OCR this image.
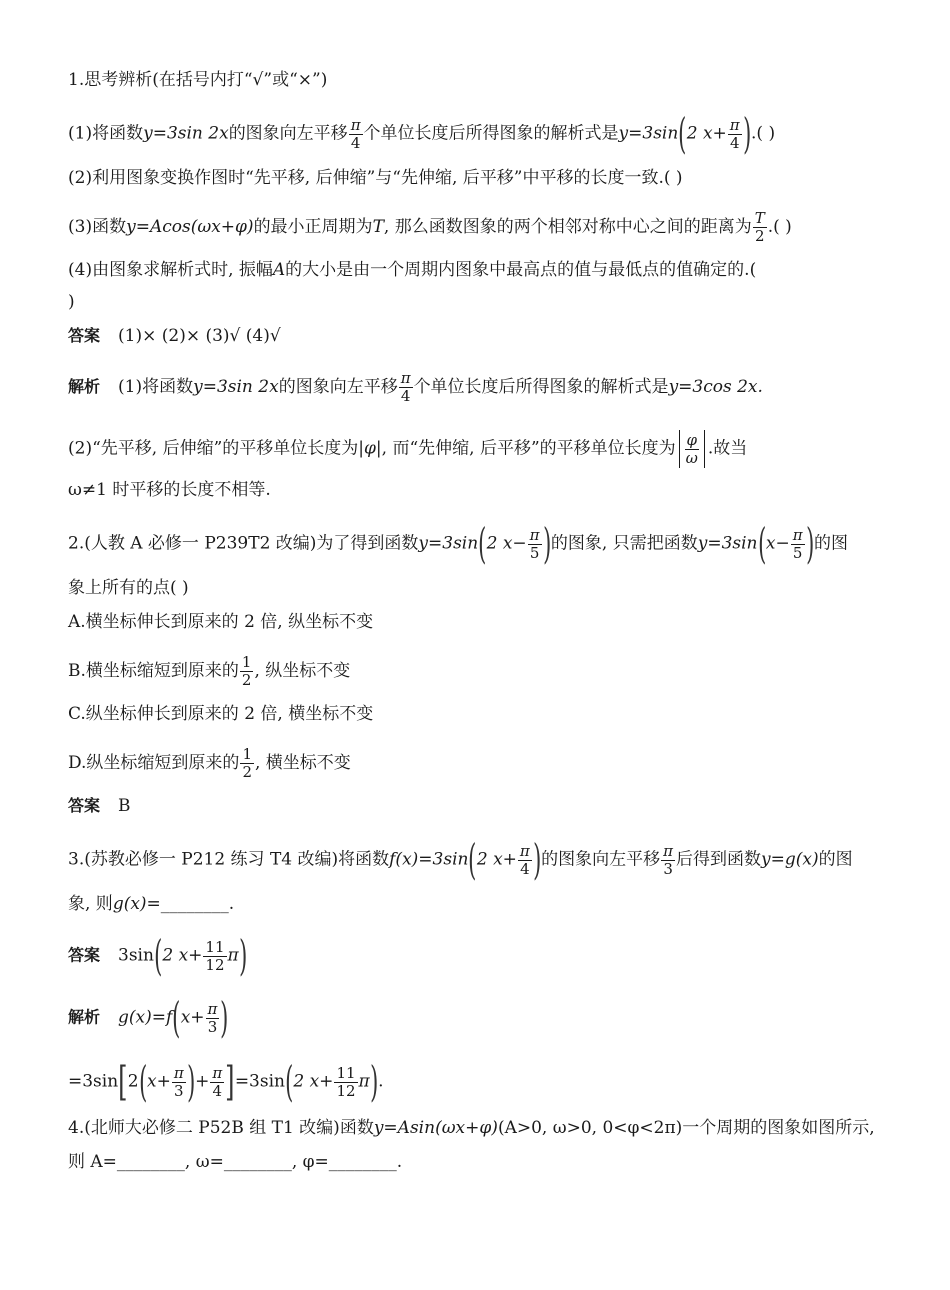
1.思考辨析(在括号内打“√”或“×”)
(1)将函数y=3sin 2x的图象向左平移 $\frac{\pi}{4}$ 个单位长度后所得图象的解析式是y=3sin(2 $x+ \frac{\pi}{4}$ ).( )
(2)利用图象变换作图时“先平移, 后伸缩”与“先伸缩, 后平移”中平移的长度一致.( )
(3)函数y=Acos(ωx+φ)的最小正周期为T, 那么函数图象的两个相邻对称中心之间的距离为 $\frac{T}{2}$ .( )
(4)由图象求解析式时, 振幅A的大小是由一个周期内图象中最高点的值与最低点的值确定的.(
)
答案 (1)× (2)× (3)√ (4)√
解析 (1)将函数y=3sin 2x的图象向左平移 $\frac{\pi}{4}$ 个单位长度后所得图象的解析式是y=3cos 2x.
(2)“先平移, 后伸缩”的平移单位长度为|φ|, 而“先伸缩, 后平移”的平移单位长度为 $\frac{\varphi}{\omega}$ .故当
ω≠1 时平移的长度不相等.
2.(人教 A 必修一 P239T2 改编)为了得到函数y=3sin(2 $x- \frac{\pi}{5}$ )的图象, 只需把函数$y=3\sin(x- \frac{\pi}{5}$ )的图
象上所有的点( )
A.横坐标伸长到原来的 2 倍, 纵坐标不变
B.横坐标缩短到原来的 $\frac{1}{2}$ , 纵坐标不变
C.纵坐标伸长到原来的 2 倍, 横坐标不变
D.纵坐标缩短到原来的 $\frac{1}{2}$ , 横坐标不变
答案 B
3.(苏教必修一 P212 练习 T4 改编)将函数f(x)=3sin(2 $x+ \frac{\pi}{4}$ )的图象向左平移 $\frac{\pi}{3}$ 后得到函数y=g(x)的图
象, 则g(x)=________.
答案 3sin(2 $x+ \frac{11}{12} \pi$)
解析 $g(x)=f(x+ \frac{\pi}{3}$ )
$=3\sin[2(x+ \frac{\pi}{3}$ )+ $\frac{\pi}{4} ]=3\sin(2$ $x+ \frac{11}{12} \pi$).
4.(北师大必修二 P52B 组 T1 改编)函数y=Asin(ωx+φ)(A>0, ω>0, 0<φ<2π)一个周期的图象如图所示,
则 A=________, ω=________, φ=________.
